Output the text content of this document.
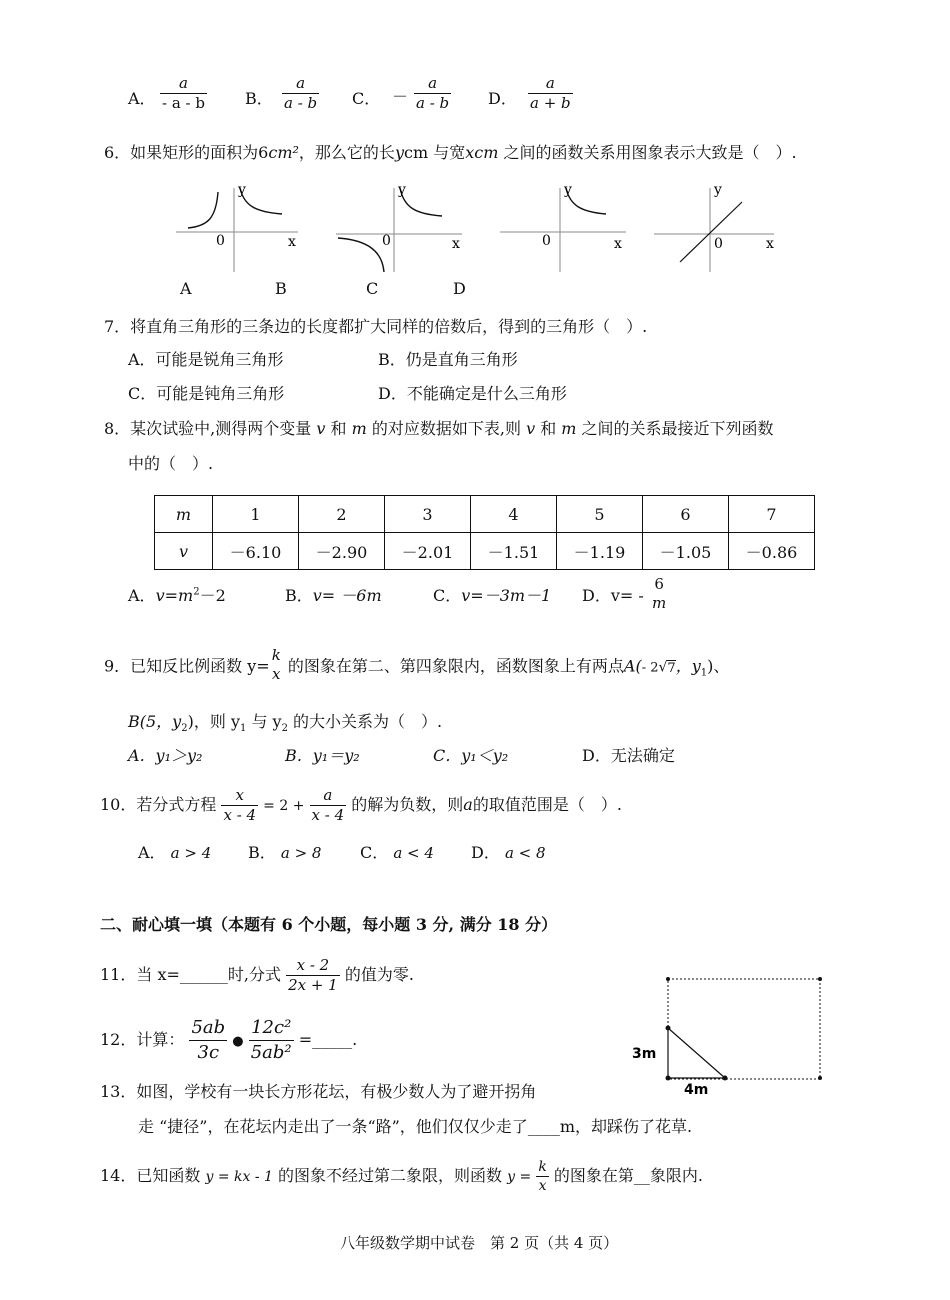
A． $\frac{a}{- a - b}$ B． $\frac{a}{a - b}$ C． － $\frac{a}{a - b}$ D． $\frac{a}{a + b}$
6．如果矩形的面积为6cm²，那么它的长ycm 与宽xcm 之间的函数关系用图象表示大致是（　）.
0
y
x	0
y
x	0
y
x	0
y
x
A	B	C	D
7．将直角三角形的三条边的长度都扩大同样的倍数后，得到的三角形（　）.
A．可能是锐角三角形	B．仍是直角三角形
C．可能是钝角三角形	D．不能确定是什么三角形
8．某次试验中,测得两个变量 v 和 m 的对应数据如下表,则 v 和 m 之间的关系最接近下列函数
中的（　）.
m	1	2	3	4	5	6	7
v	－6.10	－2.90	－2.01	－1.51	－1.19	－1.05	－0.86
A．$v=m^2-2$	B．v= －6m	C．v=－3m－1 D．v= -
6
m
9．已知反比例函数 y=
k
x 的图象在第二、第四象限内，函数图象上有两点A(- 2√7，$y_1$)、
B(5，$y_2$)，则 $y_1$ 与 $y_2$ 的大小关系为（　）.
A．y₁＞y₂	B．y₁＝y₂	C．y₁＜y₂	D．无法确定
10．若分式方程 $\frac{x}{x - 4} = 2 + \frac{a}{x - 4}$ 的解为负数，则a的取值范围是（　）.
A． a > 4 B． a > 8 C． a < 4 D． a < 8
二、耐心填一填（本题有 6 个小题，每小题 3 分, 满分 18 分）
11．当 x=______时,分式 $\frac{x - 2}{2x + 1}$ 的值为零.
12．计算： $\frac{5ab}{3c}$ ● $\frac{\text{12c²}}{\text{5ab²}}$ =_____.
3m
4m
13．如图，学校有一块长方形花坛，有极少数人为了避开拐角
走 “捷径”，在花坛内走出了一条“路”，他们仅仅少走了____m，却踩伤了花草.
14．已知函数 y = kx - 1 的图象不经过第二象限，则函数 $y = \frac{k}{x}$ 的图象在第__象限内.
八年级数学期中试卷　第 2 页（共 4 页）
